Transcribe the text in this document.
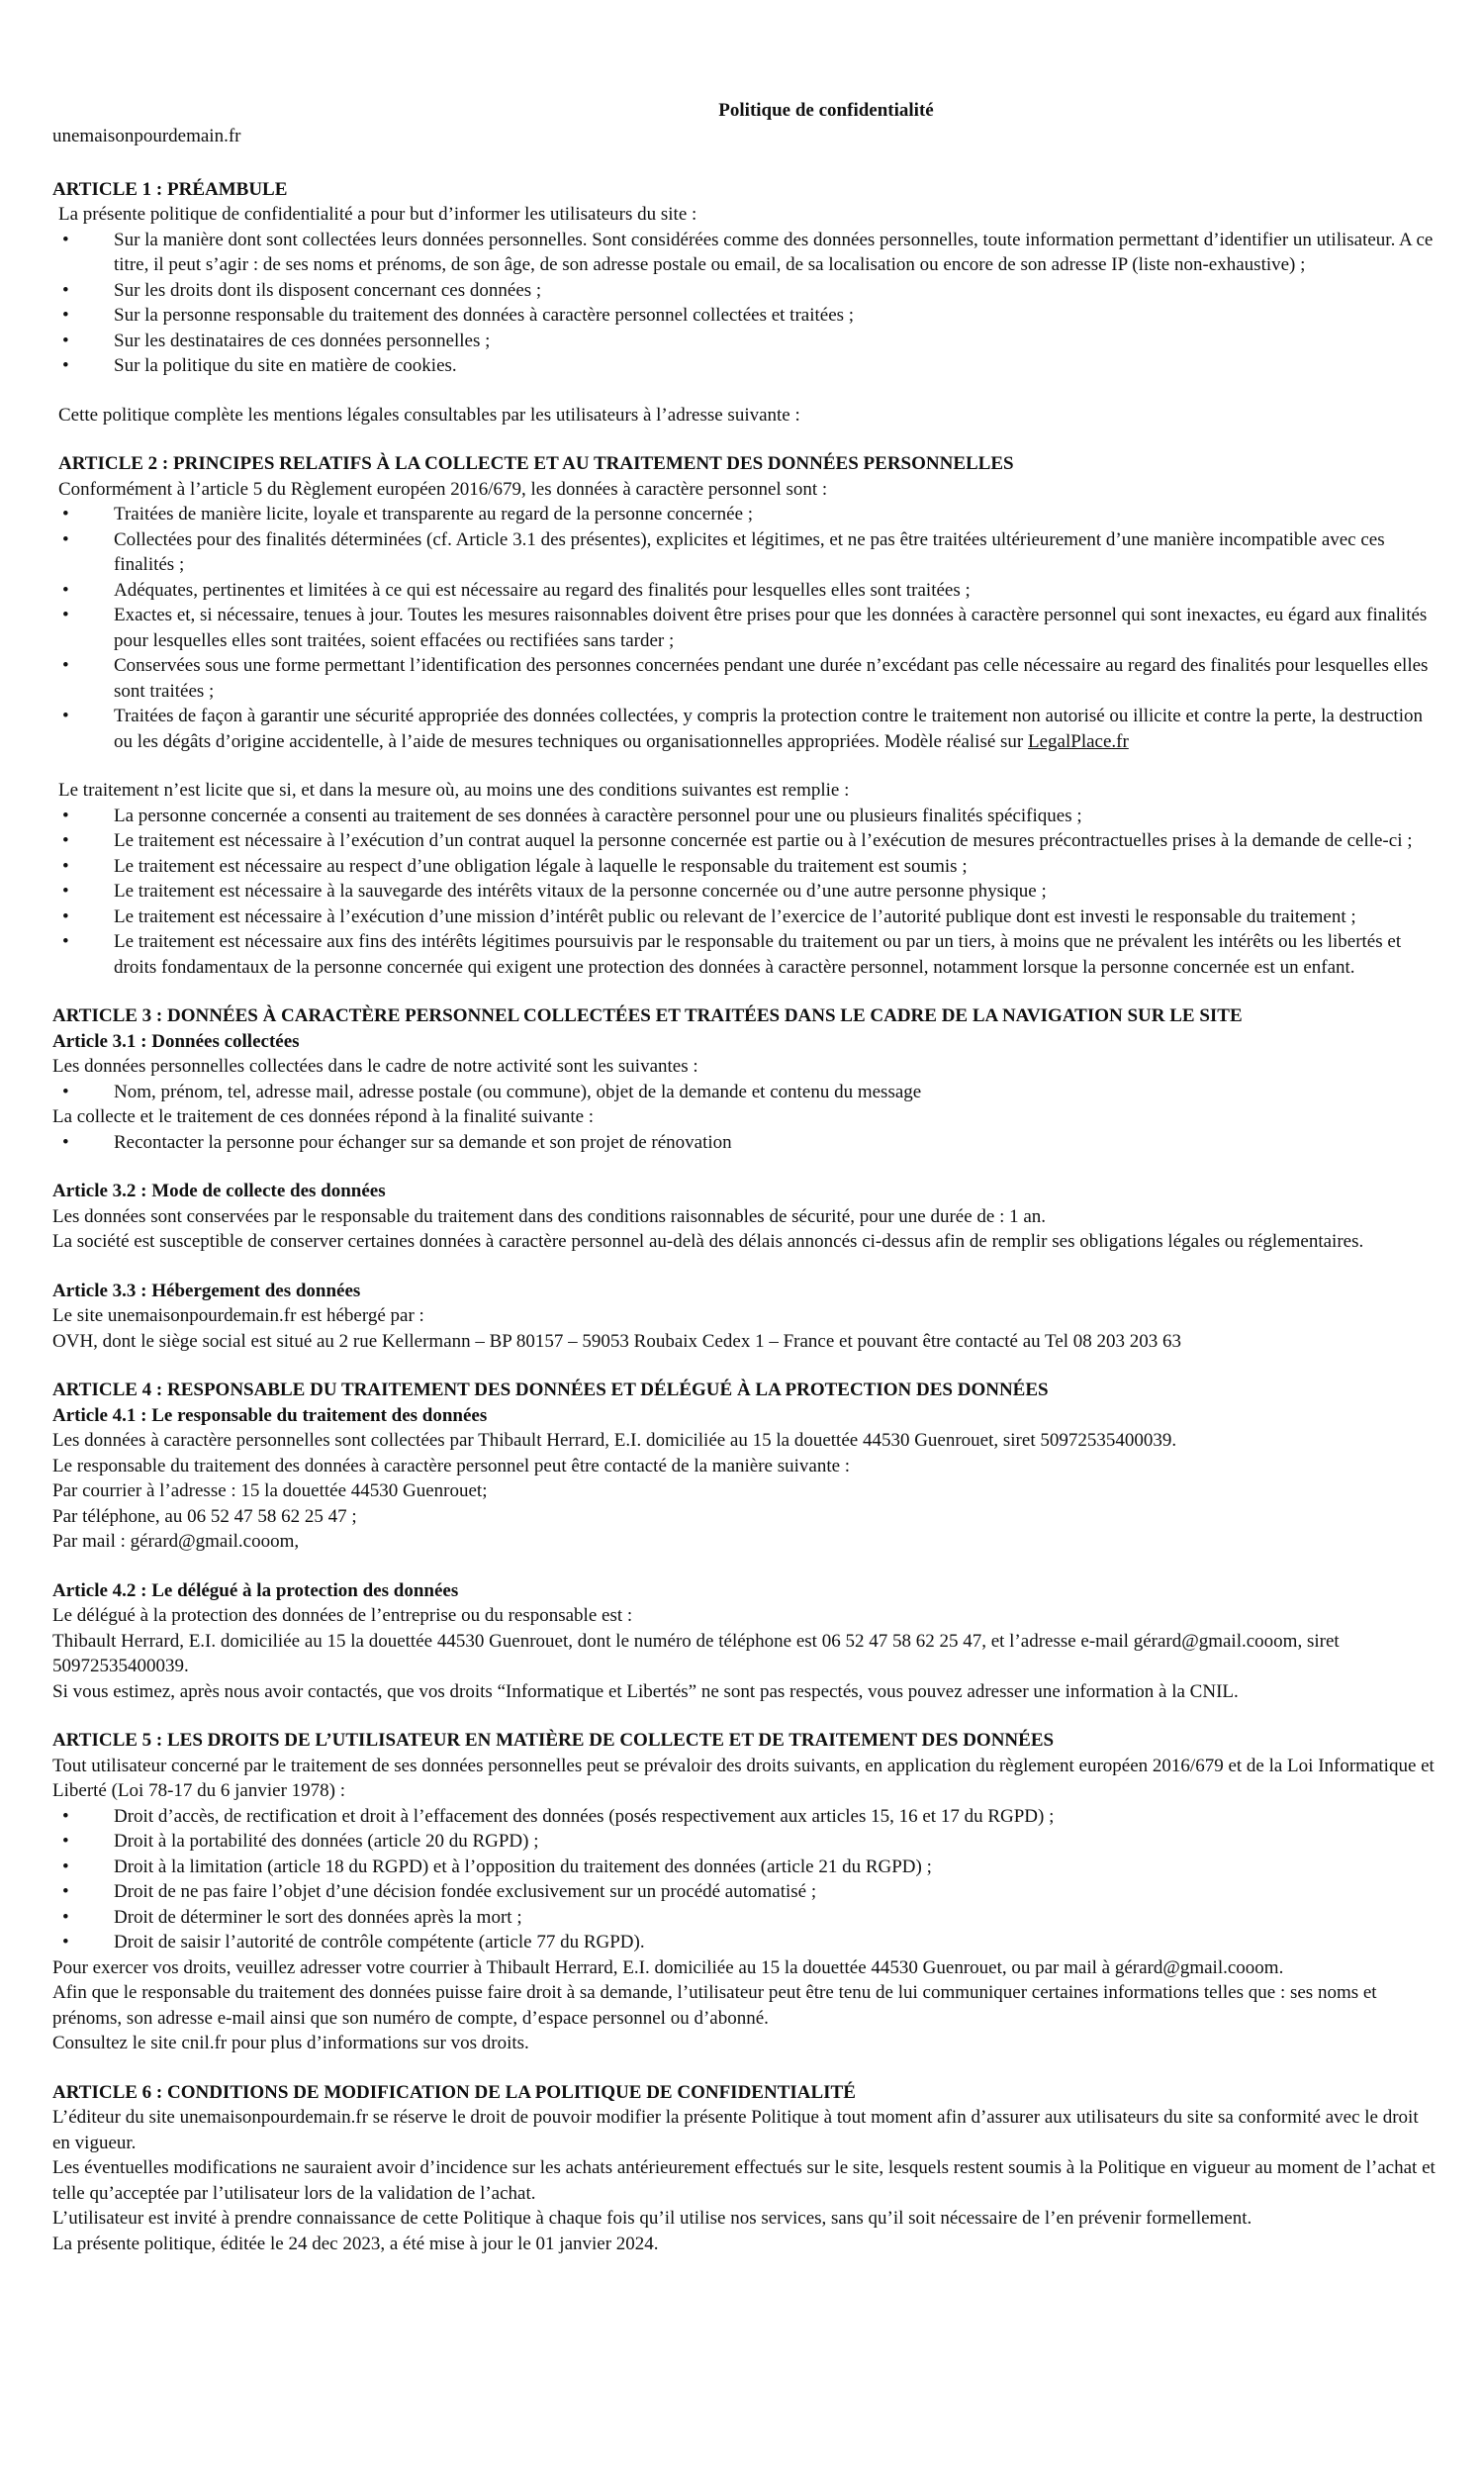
Politique de confidentialité
unemaisonpourdemain.fr
ARTICLE 1 : PRÉAMBULE
La présente politique de confidentialité a pour but d’informer les utilisateurs du site :
• Sur la manière dont sont collectées leurs données personnelles. Sont considérées comme des données personnelles, toute information permettant d’identifier un utilisateur. A ce titre, il peut s’agir : de ses noms et prénoms, de son âge, de son adresse postale ou email, de sa localisation ou encore de son adresse IP (liste non-exhaustive) ;
• Sur les droits dont ils disposent concernant ces données ;
• Sur la personne responsable du traitement des données à caractère personnel collectées et traitées ;
• Sur les destinataires de ces données personnelles ;
• Sur la politique du site en matière de cookies.
Cette politique complète les mentions légales consultables par les utilisateurs à l’adresse suivante :
ARTICLE 2 : PRINCIPES RELATIFS À LA COLLECTE ET AU TRAITEMENT DES DONNÉES PERSONNELLES
Conformément à l’article 5 du Règlement européen 2016/679, les données à caractère personnel sont :
• Traitées de manière licite, loyale et transparente au regard de la personne concernée ;
• Collectées pour des finalités déterminées (cf. Article 3.1 des présentes), explicites et légitimes, et ne pas être traitées ultérieurement d’une manière incompatible avec ces finalités ;
• Adéquates, pertinentes et limitées à ce qui est nécessaire au regard des finalités pour lesquelles elles sont traitées ;
• Exactes et, si nécessaire, tenues à jour. Toutes les mesures raisonnables doivent être prises pour que les données à caractère personnel qui sont inexactes, eu égard aux finalités pour lesquelles elles sont traitées, soient effacées ou rectifiées sans tarder ;
• Conservées sous une forme permettant l’identification des personnes concernées pendant une durée n’excédant pas celle nécessaire au regard des finalités pour lesquelles elles sont traitées ;
• Traitées de façon à garantir une sécurité appropriée des données collectées, y compris la protection contre le traitement non autorisé ou illicite et contre la perte, la destruction ou les dégâts d’origine accidentelle, à l’aide de mesures techniques ou organisationnelles appropriées. Modèle réalisé sur LegalPlace.fr
Le traitement n’est licite que si, et dans la mesure où, au moins une des conditions suivantes est remplie :
• La personne concernée a consenti au traitement de ses données à caractère personnel pour une ou plusieurs finalités spécifiques ;
• Le traitement est nécessaire à l’exécution d’un contrat auquel la personne concernée est partie ou à l’exécution de mesures précontractuelles prises à la demande de celle-ci ;
• Le traitement est nécessaire au respect d’une obligation légale à laquelle le responsable du traitement est soumis ;
• Le traitement est nécessaire à la sauvegarde des intérêts vitaux de la personne concernée ou d’une autre personne physique ;
• Le traitement est nécessaire à l’exécution d’une mission d’intérêt public ou relevant de l’exercice de l’autorité publique dont est investi le responsable du traitement ;
• Le traitement est nécessaire aux fins des intérêts légitimes poursuivis par le responsable du traitement ou par un tiers, à moins que ne prévalent les intérêts ou les libertés et droits fondamentaux de la personne concernée qui exigent une protection des données à caractère personnel, notamment lorsque la personne concernée est un enfant.
ARTICLE 3 : DONNÉES À CARACTÈRE PERSONNEL COLLECTÉES ET TRAITÉES DANS LE CADRE DE LA NAVIGATION SUR LE SITE
Article 3.1 : Données collectées
Les données personnelles collectées dans le cadre de notre activité sont les suivantes :
• Nom, prénom, tel, adresse mail, adresse postale (ou commune), objet de la demande et contenu du message
La collecte et le traitement de ces données répond à la finalité suivante :
• Recontacter la personne pour échanger sur sa demande et son projet de rénovation
Article 3.2 : Mode de collecte des données
Les données sont conservées par le responsable du traitement dans des conditions raisonnables de sécurité, pour une durée de : 1 an.
La société est susceptible de conserver certaines données à caractère personnel au-delà des délais annoncés ci-dessus afin de remplir ses obligations légales ou réglementaires.
Article 3.3 : Hébergement des données
Le site unemaisonpourdemain.fr est hébergé par :
OVH, dont le siège social est situé au 2 rue Kellermann – BP 80157 – 59053 Roubaix Cedex 1 – France et pouvant être contacté au Tel 08 203 203 63
ARTICLE 4 : RESPONSABLE DU TRAITEMENT DES DONNÉES ET DÉLÉGUÉ À LA PROTECTION DES DONNÉES
Article 4.1 : Le responsable du traitement des données
Les données à caractère personnelles sont collectées par Thibault Herrard, E.I. domiciliée au 15 la douettée 44530 Guenrouet, siret 50972535400039.
Le responsable du traitement des données à caractère personnel peut être contacté de la manière suivante :
Par courrier à l’adresse : 15 la douettée 44530 Guenrouet;
Par téléphone, au 06 52 47 58 62 25 47 ;
Par mail : gérard@gmail.cooom,
Article 4.2 : Le délégué à la protection des données
Le délégué à la protection des données de l’entreprise ou du responsable est :
Thibault Herrard, E.I. domiciliée au 15 la douettée 44530 Guenrouet, dont le numéro de téléphone est 06 52 47 58 62 25 47, et l’adresse e-mail gérard@gmail.cooom, siret 50972535400039.
Si vous estimez, après nous avoir contactés, que vos droits “Informatique et Libertés” ne sont pas respectés, vous pouvez adresser une information à la CNIL.
ARTICLE 5 : LES DROITS DE L’UTILISATEUR EN MATIÈRE DE COLLECTE ET DE TRAITEMENT DES DONNÉES
Tout utilisateur concerné par le traitement de ses données personnelles peut se prévaloir des droits suivants, en application du règlement européen 2016/679 et de la Loi Informatique et Liberté (Loi 78-17 du 6 janvier 1978) :
• Droit d’accès, de rectification et droit à l’effacement des données (posés respectivement aux articles 15, 16 et 17 du RGPD) ;
• Droit à la portabilité des données (article 20 du RGPD) ;
• Droit à la limitation (article 18 du RGPD) et à l’opposition du traitement des données (article 21 du RGPD) ;
• Droit de ne pas faire l’objet d’une décision fondée exclusivement sur un procédé automatisé ;
• Droit de déterminer le sort des données après la mort ;
• Droit de saisir l’autorité de contrôle compétente (article 77 du RGPD).
Pour exercer vos droits, veuillez adresser votre courrier à Thibault Herrard, E.I. domiciliée au 15 la douettée 44530 Guenrouet, ou par mail à gérard@gmail.cooom.
Afin que le responsable du traitement des données puisse faire droit à sa demande, l’utilisateur peut être tenu de lui communiquer certaines informations telles que : ses noms et prénoms, son adresse e-mail ainsi que son numéro de compte, d’espace personnel ou d’abonné.
Consultez le site cnil.fr pour plus d’informations sur vos droits.
ARTICLE 6 : CONDITIONS DE MODIFICATION DE LA POLITIQUE DE CONFIDENTIALITÉ
L’éditeur du site unemaisonpourdemain.fr se réserve le droit de pouvoir modifier la présente Politique à tout moment afin d’assurer aux utilisateurs du site sa conformité avec le droit en vigueur.
Les éventuelles modifications ne sauraient avoir d’incidence sur les achats antérieurement effectués sur le site, lesquels restent soumis à la Politique en vigueur au moment de l’achat et telle qu’acceptée par l’utilisateur lors de la validation de l’achat.
L’utilisateur est invité à prendre connaissance de cette Politique à chaque fois qu’il utilise nos services, sans qu’il soit nécessaire de l’en prévenir formellement.
La présente politique, éditée le 24 dec 2023, a été mise à jour le 01 janvier 2024.
